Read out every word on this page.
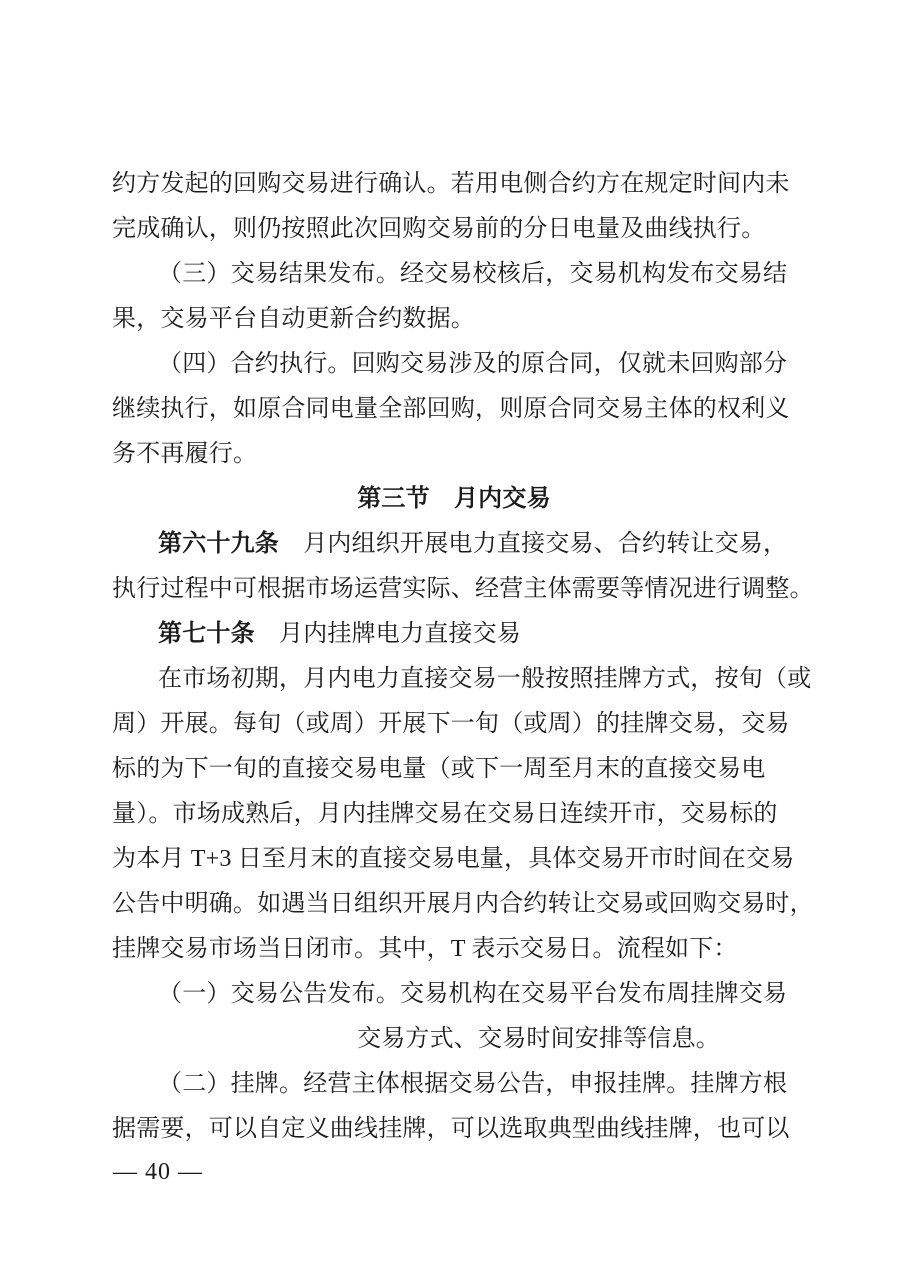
约方发起的回购交易进行确认。若用电侧合约方在规定时间内未
完成确认，则仍按照此次回购交易前的分日电量及曲线执行。
（三）交易结果发布。经交易校核后，交易机构发布交易结
果，交易平台自动更新合约数据。
（四）合约执行。回购交易涉及的原合同，仅就未回购部分
继续执行，如原合同电量全部回购，则原合同交易主体的权利义
务不再履行。
第三节　月内交易
第六十九条　月内组织开展电力直接交易、合约转让交易，
执行过程中可根据市场运营实际、经营主体需要等情况进行调整。
第七十条　月内挂牌电力直接交易
在市场初期，月内电力直接交易一般按照挂牌方式，按旬（或
周）开展。每旬（或周）开展下一旬（或周）的挂牌交易，交易
标的为下一旬的直接交易电量（或下一周至月末的直接交易电
量）。市场成熟后，月内挂牌交易在交易日连续开市，交易标的
为本月 T+3 日至月末的直接交易电量，具体交易开市时间在交易
公告中明确。如遇当日组织开展月内合约转让交易或回购交易时，
挂牌交易市场当日闭市。其中，T 表示交易日。流程如下：
（一）交易公告发布。交易机构在交易平台发布周挂牌交易
交易方式、交易时间安排等信息。
（二）挂牌。经营主体根据交易公告，申报挂牌。挂牌方根
据需要，可以自定义曲线挂牌，可以选取典型曲线挂牌，也可以
— 40 —
